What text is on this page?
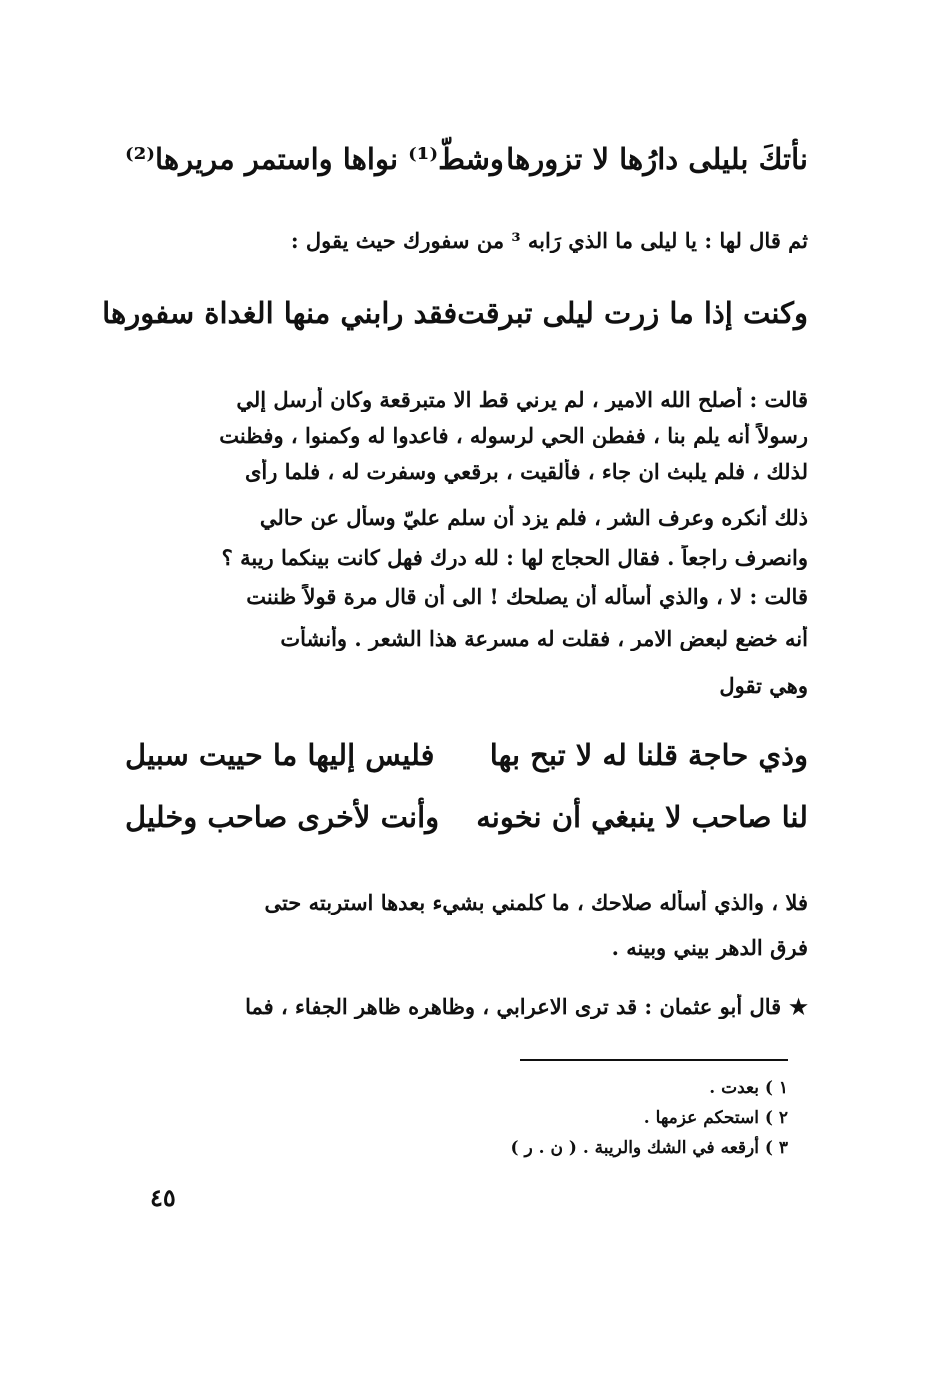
نأتكَ بليلى دارُها لا تزورها
وشطّ⁽¹⁾ نواها واستمر مريرها⁽²⁾
ثم قال لها : يا ليلى ما الذي رَابه ³ من سفورك حيث يقول :
وكنت إذا ما زرت ليلى تبرقت
فقد رابني منها الغداة سفورها
قالت : أصلح الله الامير ، لم يرني قط الا متبرقعة وكان أرسل إلي
رسولاً أنه يلم بنا ، ففطن الحي لرسوله ، فاعدوا له وكمنوا ، وفظنت
لذلك ، فلم يلبث ان جاء ، فألقيت ، برقعي وسفرت له ، فلما رأى
ذلك أنكره وعرف الشر ، فلم يزد أن سلم عليّ وسأل عن حالي
وانصرف راجعاً . فقال الحجاج لها : لله درك فهل كانت بينكما ريبة ؟
قالت : لا ، والذي أسأله أن يصلحك ! الى أن قال مرة قولاً ظننت
أنه خضع لبعض الامر ، فقلت له مسرعة هذا الشعر . وأنشأت
وهي تقول
وذي حاجة قلنا له لا تبح بها
فليس إليها ما حييت سبيل
لنا صاحب لا ينبغي أن نخونه
وأنت لأخرى صاحب وخليل
فلا ، والذي أسأله صلاحك ، ما كلمني بشيء بعدها استربته حتى
فرق الدهر بيني وبينه .
★قال أبو عثمان : قد ترى الاعرابي ، وظاهره ظاهر الجفاء ، فما
١ ) بعدت .
٢ ) استحكم عزمها .
٣ ) أرقعه في الشك والريبة . ( ن . ر )
٤٥
